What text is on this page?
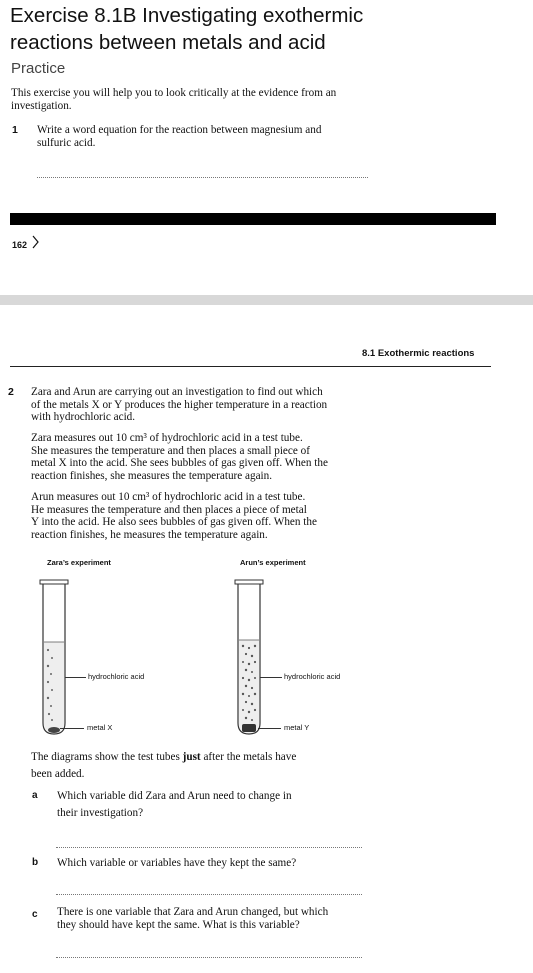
Exercise 8.1B Investigating exothermic
reactions between metals and acid
Practice
This exercise you will help you to look critically at the evidence from an
investigation.
1 Write a word equation for the reaction between magnesium and
sulfuric acid.
162
8.1 Exothermic reactions
2 Zara and Arun are carrying out an investigation to find out which
of the metals X or Y produces the higher temperature in a reaction
with hydrochloric acid.
Zara measures out 10 cm³ of hydrochloric acid in a test tube.
She measures the temperature and then places a small piece of
metal X into the acid. She sees bubbles of gas given off. When the
reaction finishes, she measures the temperature again.
Arun measures out 10 cm³ of hydrochloric acid in a test tube.
He measures the temperature and then places a piece of metal
Y into the acid. He also sees bubbles of gas given off. When the
reaction finishes, he measures the temperature again.
Zara’s experiment	Arun’s experiment
hydrochloric acid
metal X
hydrochloric acid
metal Y
The diagrams show the test tubes just after the metals have
been added.
a Which variable did Zara and Arun need to change in
their investigation?
b Which variable or variables have they kept the same?
c There is one variable that Zara and Arun changed, but which
they should have kept the same. What is this variable?
